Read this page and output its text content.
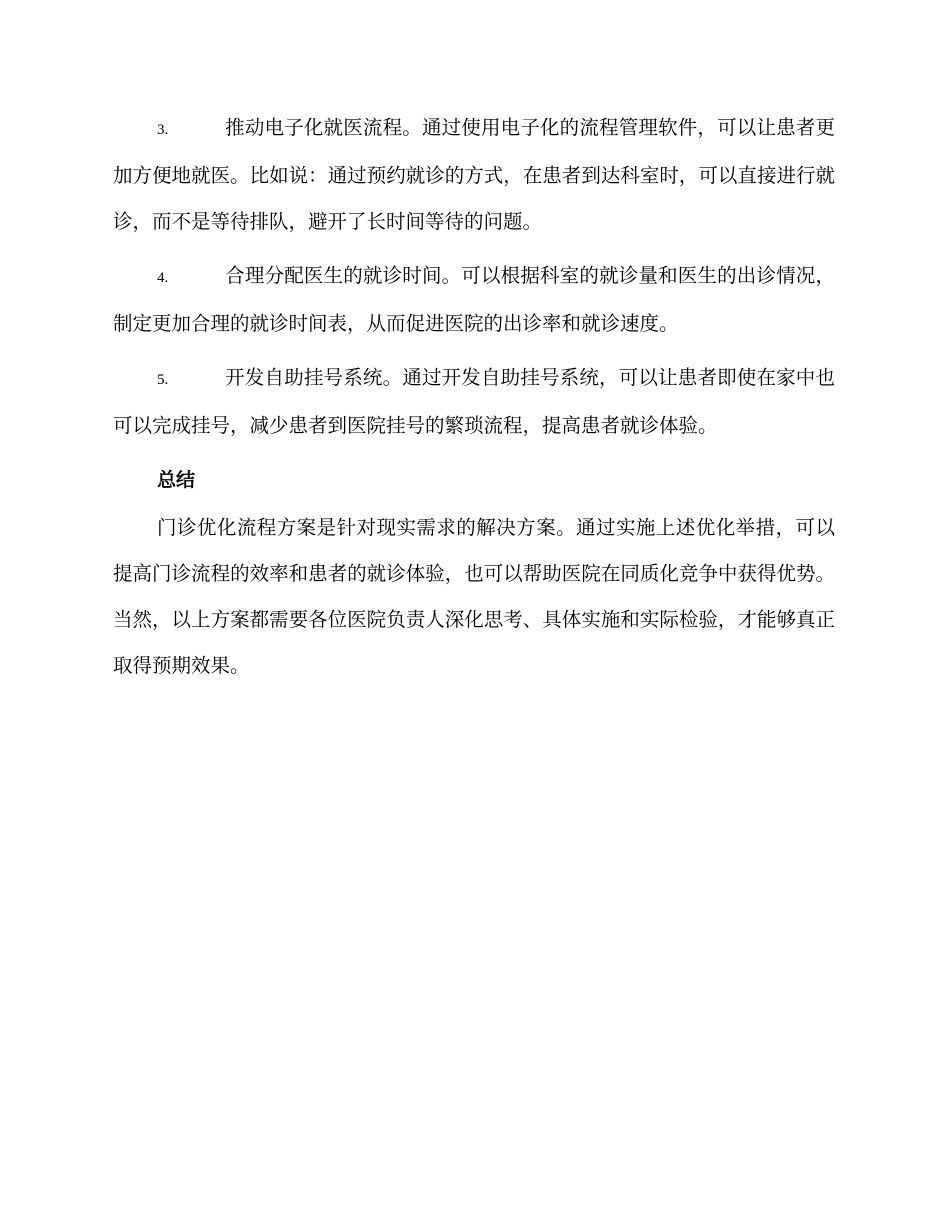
3.	推动电子化就医流程。通过使用电子化的流程管理软件，可以让患者更加方便地就医。比如说：通过预约就诊的方式，在患者到达科室时，可以直接进行就诊，而不是等待排队，避开了长时间等待的问题。

4.	合理分配医生的就诊时间。可以根据科室的就诊量和医生的出诊情况，制定更加合理的就诊时间表，从而促进医院的出诊率和就诊速度。

5.	开发自助挂号系统。通过开发自助挂号系统，可以让患者即使在家中也可以完成挂号，减少患者到医院挂号的繁琐流程，提高患者就诊体验。

总结

门诊优化流程方案是针对现实需求的解决方案。通过实施上述优化举措，可以提高门诊流程的效率和患者的就诊体验，也可以帮助医院在同质化竞争中获得优势。当然，以上方案都需要各位医院负责人深化思考、具体实施和实际检验，才能够真正取得预期效果。
